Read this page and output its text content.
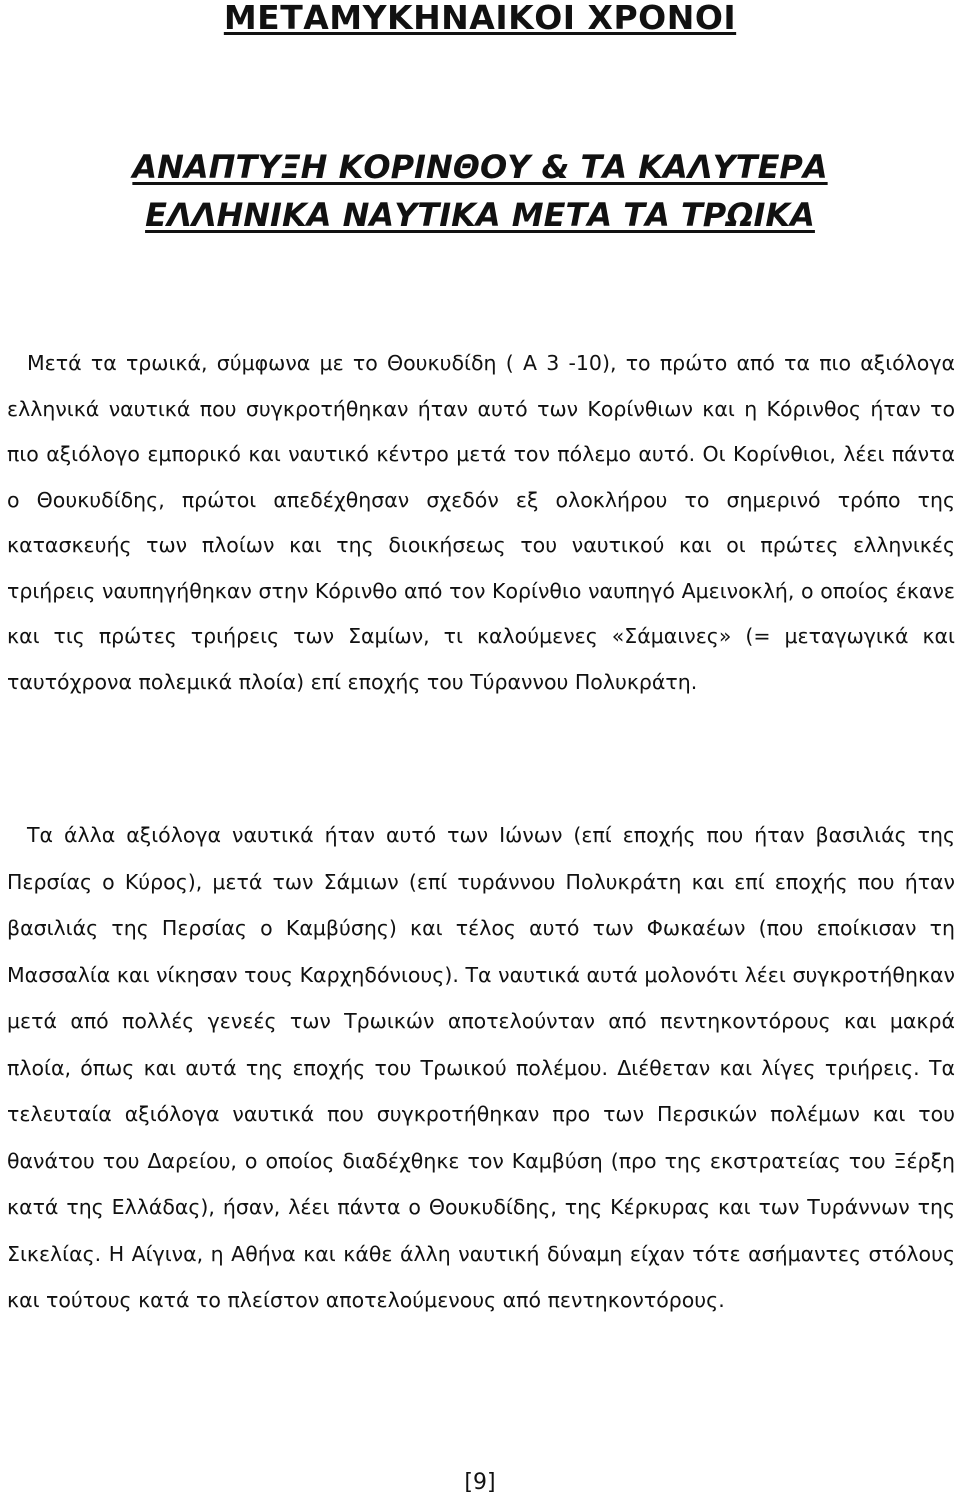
ΜΕΤΑΜΥΚΗΝΑΙΚΟΙ ΧΡΟΝΟΙ
ΑΝΑΠΤΥΞΗ ΚΟΡΙΝΘΟΥ & ΤΑ ΚΑΛΥΤΕΡΑ
ΕΛΛΗΝΙΚΑ ΝΑΥΤΙΚΑ ΜΕΤΑ ΤΑ ΤΡΩΙΚΑ

Μετά τα τρωικά, σύμφωνα με το Θουκυδίδη ( Α 3 -10), το πρώτο από τα πιο αξιόλογα ελληνικά ναυτικά που συγκροτήθηκαν ήταν αυτό των Κορίνθιων και η Κόρινθος ήταν το πιο αξιόλογο εμπορικό και ναυτικό κέντρο μετά τον πόλεμο αυτό. Οι Κορίνθιοι, λέει πάντα ο Θουκυδίδης, πρώτοι απεδέχθησαν σχεδόν εξ ολοκλήρου το σημερινό τρόπο της κατασκευής των πλοίων και της διοικήσεως του ναυτικού και οι πρώτες ελληνικές τριήρεις ναυπηγήθηκαν στην Κόρινθο από τον Κορίνθιο ναυπηγό Αμεινοκλή, ο οποίος έκανε και τις πρώτες τριήρεις των Σαμίων, τι καλούμενες «Σάμαινες» (= μεταγωγικά και ταυτόχρονα πολεμικά πλοία) επί εποχής του Τύραννου Πολυκράτη.

Τα άλλα αξιόλογα ναυτικά ήταν αυτό των Ιώνων (επί εποχής που ήταν βασιλιάς της Περσίας ο Κύρος), μετά των Σάμιων (επί τυράννου Πολυκράτη και επί εποχής που ήταν βασιλιάς της Περσίας ο Καμβύσης) και τέλος αυτό των Φωκαέων (που εποίκισαν τη Μασσαλία και νίκησαν τους Καρχηδόνιους). Τα ναυτικά αυτά μολονότι λέει συγκροτήθηκαν μετά από πολλές γενεές των Τρωικών αποτελούνταν από πεντηκοντόρους και μακρά πλοία, όπως και αυτά της εποχής του Τρωικού πολέμου. Διέθεταν και λίγες τριήρεις. Τα τελευταία αξιόλογα ναυτικά που συγκροτήθηκαν προ των Περσικών πολέμων και του θανάτου του Δαρείου, ο οποίος διαδέχθηκε τον Καμβύση (πρo της εκστρατείας του Ξέρξη κατά της Ελλάδας), ήσαν, λέει πάντα ο Θουκυδίδης, της Κέρκυρας και των Τυράννων της Σικελίας. Η Αίγινα, η Αθήνα και κάθε άλλη ναυτική δύναμη είχαν τότε ασήμαντες στόλους και τούτους κατά το πλείστον αποτελούμενους από πεντηκοντόρους.

[9]
